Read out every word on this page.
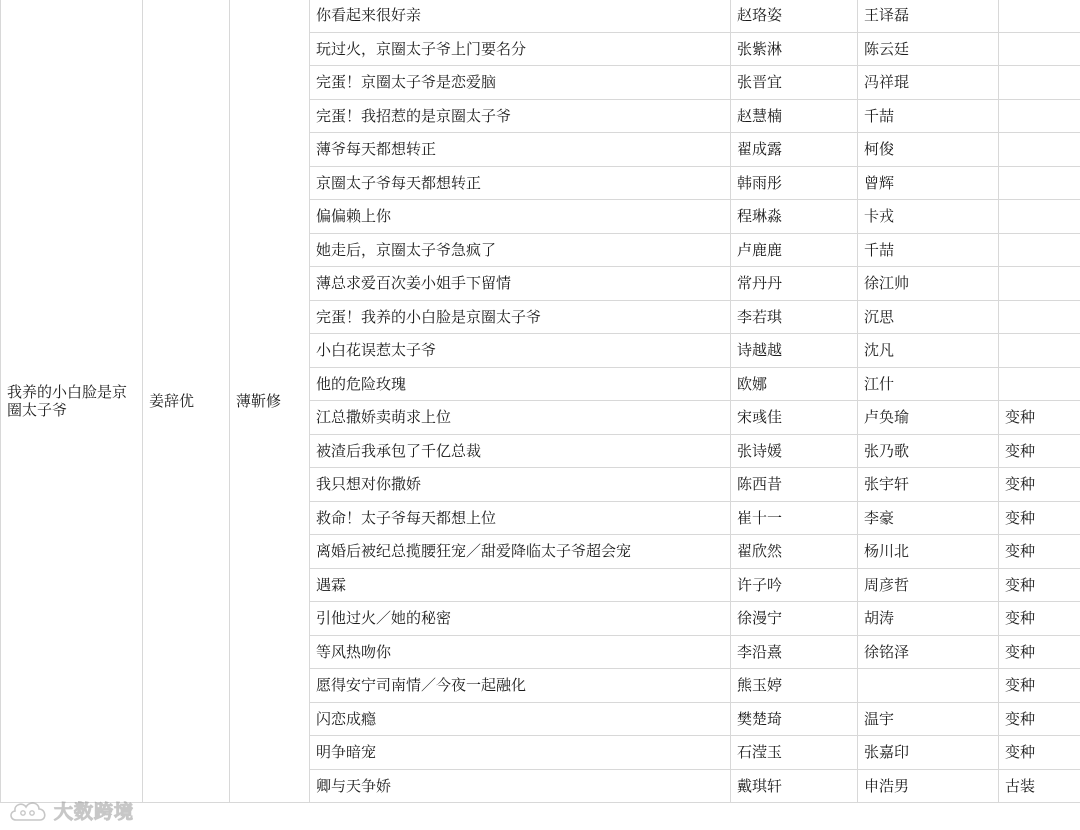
我养的小白脸是京圈太子爷	姜辞优	薄靳修	你看起来很好亲	赵珞姿	王译磊	
			玩过火，京圈太子爷上门要名分	张紫淋	陈云廷	
			完蛋！京圈太子爷是恋爱脑	张晋宜	冯祥琨	
			完蛋！我招惹的是京圈太子爷	赵慧楠	千喆	
			薄爷每天都想转正	翟成露	柯俊	
			京圈太子爷每天都想转正	韩雨彤	曾辉	
			偏偏赖上你	程琳淼	卡戎	
			她走后，京圈太子爷急疯了	卢鹿鹿	千喆	
			薄总求爱百次姜小姐手下留情	常丹丹	徐江帅	
			完蛋！我养的小白脸是京圈太子爷	李若琪	沉思	
			小白花误惹太子爷	诗越越	沈凡	
			他的危险玫瑰	欧娜	江什	
			江总撒娇卖萌求上位	宋彧佳	卢奂瑜	变种
			被渣后我承包了千亿总裁	张诗媛	张乃歌	变种
			我只想对你撒娇	陈西昔	张宇轩	变种
			救命！太子爷每天都想上位	崔十一	李豪	变种
			离婚后被纪总揽腰狂宠／甜爱降临太子爷超会宠	翟欣然	杨川北	变种
			遇霖	许子吟	周彦哲	变种
			引他过火／她的秘密	徐漫宁	胡涛	变种
			等风热吻你	李沿熹	徐铭泽	变种
			愿得安宁司南情／今夜一起融化	熊玉婷		变种
			闪恋成瘾	樊楚琦	温宇	变种
			明争暗宠	石滢玉	张嘉印	变种
			卿与天争娇	戴琪轩	申浩男	古装
大数跨境
